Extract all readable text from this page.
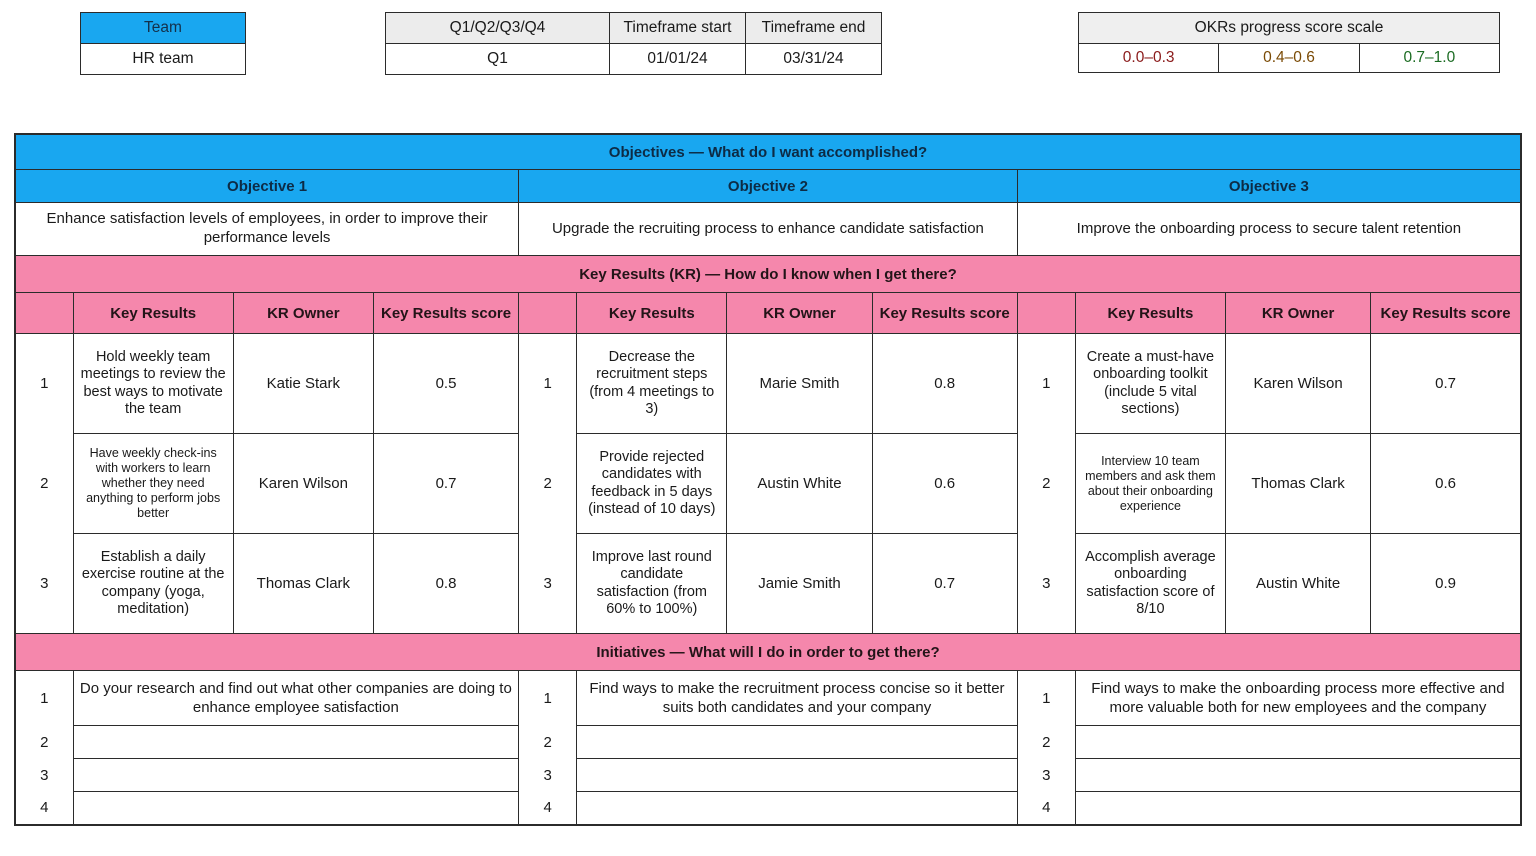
Team
HR team
Q1/Q2/Q3/Q4	Timeframe start	Timeframe end
Q1	01/01/24	03/31/24
OKRs progress score scale
0.0–0.3	0.4–0.6	0.7–1.0
Objectives — What do I want accomplished?											
Objective 1				Objective 2				Objective 3			
Enhance satisfaction levels of employees, in order to improve their performance levels				Upgrade the recruiting process to enhance candidate satisfaction				Improve the onboarding process to secure talent retention			
Key Results (KR) — How do I know when I get there?											
	Key Results	KR Owner	Key Results score		Key Results	KR Owner	Key Results score		Key Results	KR Owner	Key Results score
1	Hold weekly team meetings to review the best ways to motivate the team	Katie Stark	0.5	1	Decrease the recruitment steps (from 4 meetings to 3)	Marie Smith	0.8	1	Create a must-have onboarding toolkit (include 5 vital sections)	Karen Wilson	0.7
2	Have weekly check-ins with workers to learn whether they need anything to perform jobs better	Karen Wilson	0.7	2	Provide rejected candidates with feedback in 5 days (instead of 10 days)	Austin White	0.6	2	Interview 10 team members and ask them about their onboarding experience	Thomas Clark	0.6
3	Establish a daily exercise routine at the company (yoga, meditation)	Thomas Clark	0.8	3	Improve last round candidate satisfaction (from 60% to 100%)	Jamie Smith	0.7	3	Accomplish average onboarding satisfaction score of 8/10	Austin White	0.9
Initiatives — What will I do in order to get there?											
1	Do your research and find out what other companies are doing to enhance employee satisfaction			1	Find ways to make the recruitment process concise so it better suits both candidates and your company			1	Find ways to make the onboarding process more effective and more valuable both for new employees and the company		
2				2				2			
3				3				3			
4				4				4			
